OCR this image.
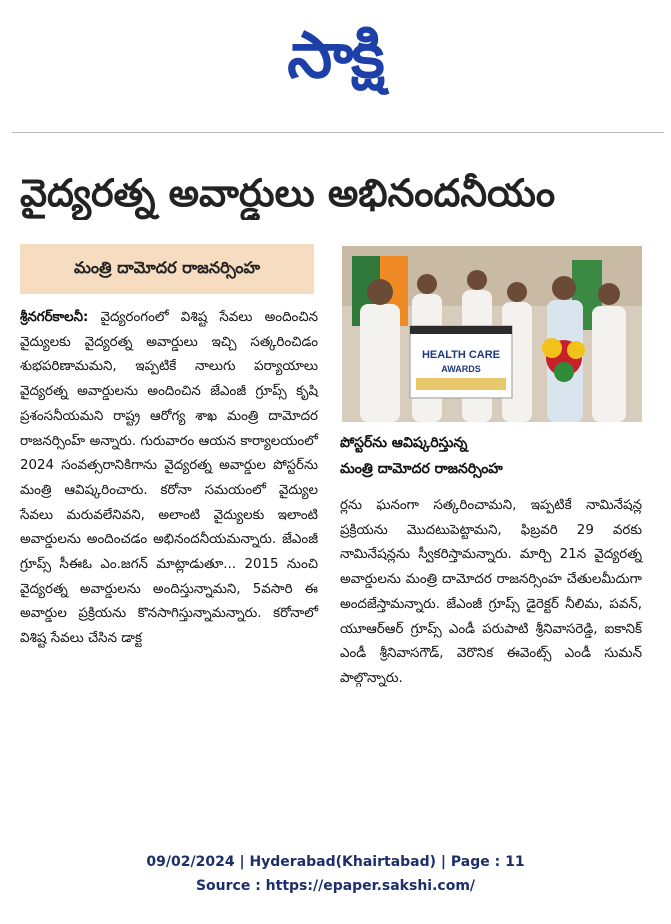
సాక్షి
వైద్యరత్న అవార్డులు అభినందనీయం
మంత్రి దామోదర రాజనర్సింహ
శ్రీనగర్‌కాలనీ: వైద్యరంగంలో విశిష్ట సేవలు అందించిన వైద్యులకు వైద్యరత్న అవార్డులు ఇచ్చి సత్కరించిడం శుభపరిణామమని, ఇప్పటికే నాలుగు పర్యాయాలు వైద్యరత్న అవార్డులను అందించిన జేఎంజీ గ్రూప్స్‌ కృషి ప్రశంసనీయమని రాష్ట్ర ఆరోగ్య శాఖ మంత్రి దామోదర రాజనర్సింహ్‌ అన్నారు. గురువారం ఆయన కార్యాలయంలో 2024 సంవత్సరానికిగాను వైద్యరత్న అవార్డుల పోస్టర్‌ను మంత్రి ఆవిష్కరించారు. కరోనా సమయంలో వైద్యుల సేవలు మరువలేనివని, అలాంటి వైద్యులకు ఇలాంటి అవార్డులను అందించడం అభినందనీయమన్నారు. జేఎంజీ గ్రూప్స్‌ సీఈఓ ఎం.జగన్‌ మాట్లాడుతూ... 2015 నుంచి వైద్యరత్న అవార్డులను అందిస్తున్నామని, 5వసారి ఈ అవార్డుల ప్రక్రియను కొనసాగిస్తున్నామన్నారు. కరోనాలో విశిష్ట సేవలు చేసిన డాక్ట
HEALTH CARE
AWARDS
పోస్టర్‌ను ఆవిష్కరిస్తున్న
మంత్రి దామోదర రాజనర్సింహ
ర్లను ఘనంగా సత్కరించామని, ఇప్పటికే నామినేషన్ల ప్రక్రియను మొదటుపెట్టామని, ఫిబ్రవరి 29 వరకు నామినేషన్లను స్వీకరిస్తామన్నారు. మార్చి 21న వైద్యరత్న అవార్డులను మంత్రి దామోదర రాజనర్సింహ చేతులమీదుగా అందజేస్తామన్నారు. జేఎంజీ గ్రూప్స్‌ డైరెక్టర్‌ నీలిమ, పవన్‌, యూఆర్‌ఆర్‌ గ్రూప్స్‌ ఎండీ పరుపాటి శ్రీనివాసరెడ్డి, ఐకానిక్‌ ఎండీ శ్రీనివాసగౌడ్‌, వెరొనిక ఈవెంట్స్‌ ఎండీ సుమన్‌ పాల్గొన్నారు.
09/02/2024 | Hyderabad(Khairtabad) | Page : 11
Source : https://epaper.sakshi.com/
